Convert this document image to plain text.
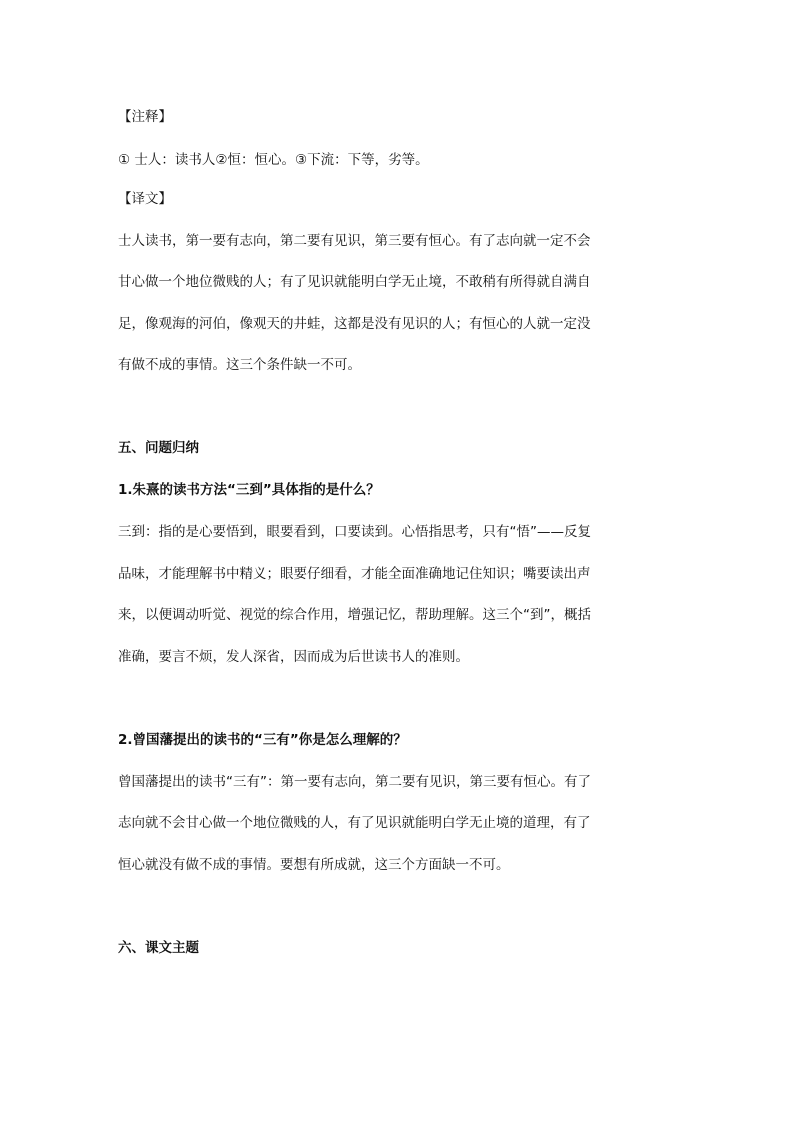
【注释】
① 士人：读书人②恒：恒心。③下流：下等，劣等。
【译文】
士人读书，第一要有志向，第二要有见识，第三要有恒心。有了志向就一定不会
甘心做一个地位微贱的人；有了见识就能明白学无止境，不敢稍有所得就自满自
足，像观海的河伯，像观天的井蛙，这都是没有见识的人；有恒心的人就一定没
有做不成的事情。这三个条件缺一不可。
五、问题归纳
1.朱熹的读书方法“三到”具体指的是什么？
三到：指的是心要悟到，眼要看到，口要读到。心悟指思考，只有“悟”——反复
品味，才能理解书中精义；眼要仔细看，才能全面准确地记住知识；嘴要读出声
来，以便调动听觉、视觉的综合作用，增强记忆，帮助理解。这三个“到”，概括
准确，要言不烦，发人深省，因而成为后世读书人的准则。
2.曾国藩提出的读书的“三有”你是怎么理解的？
曾国藩提出的读书“三有”：第一要有志向，第二要有见识，第三要有恒心。有了
志向就不会甘心做一个地位微贱的人，有了见识就能明白学无止境的道理，有了
恒心就没有做不成的事情。要想有所成就，这三个方面缺一不可。
六、课文主题
